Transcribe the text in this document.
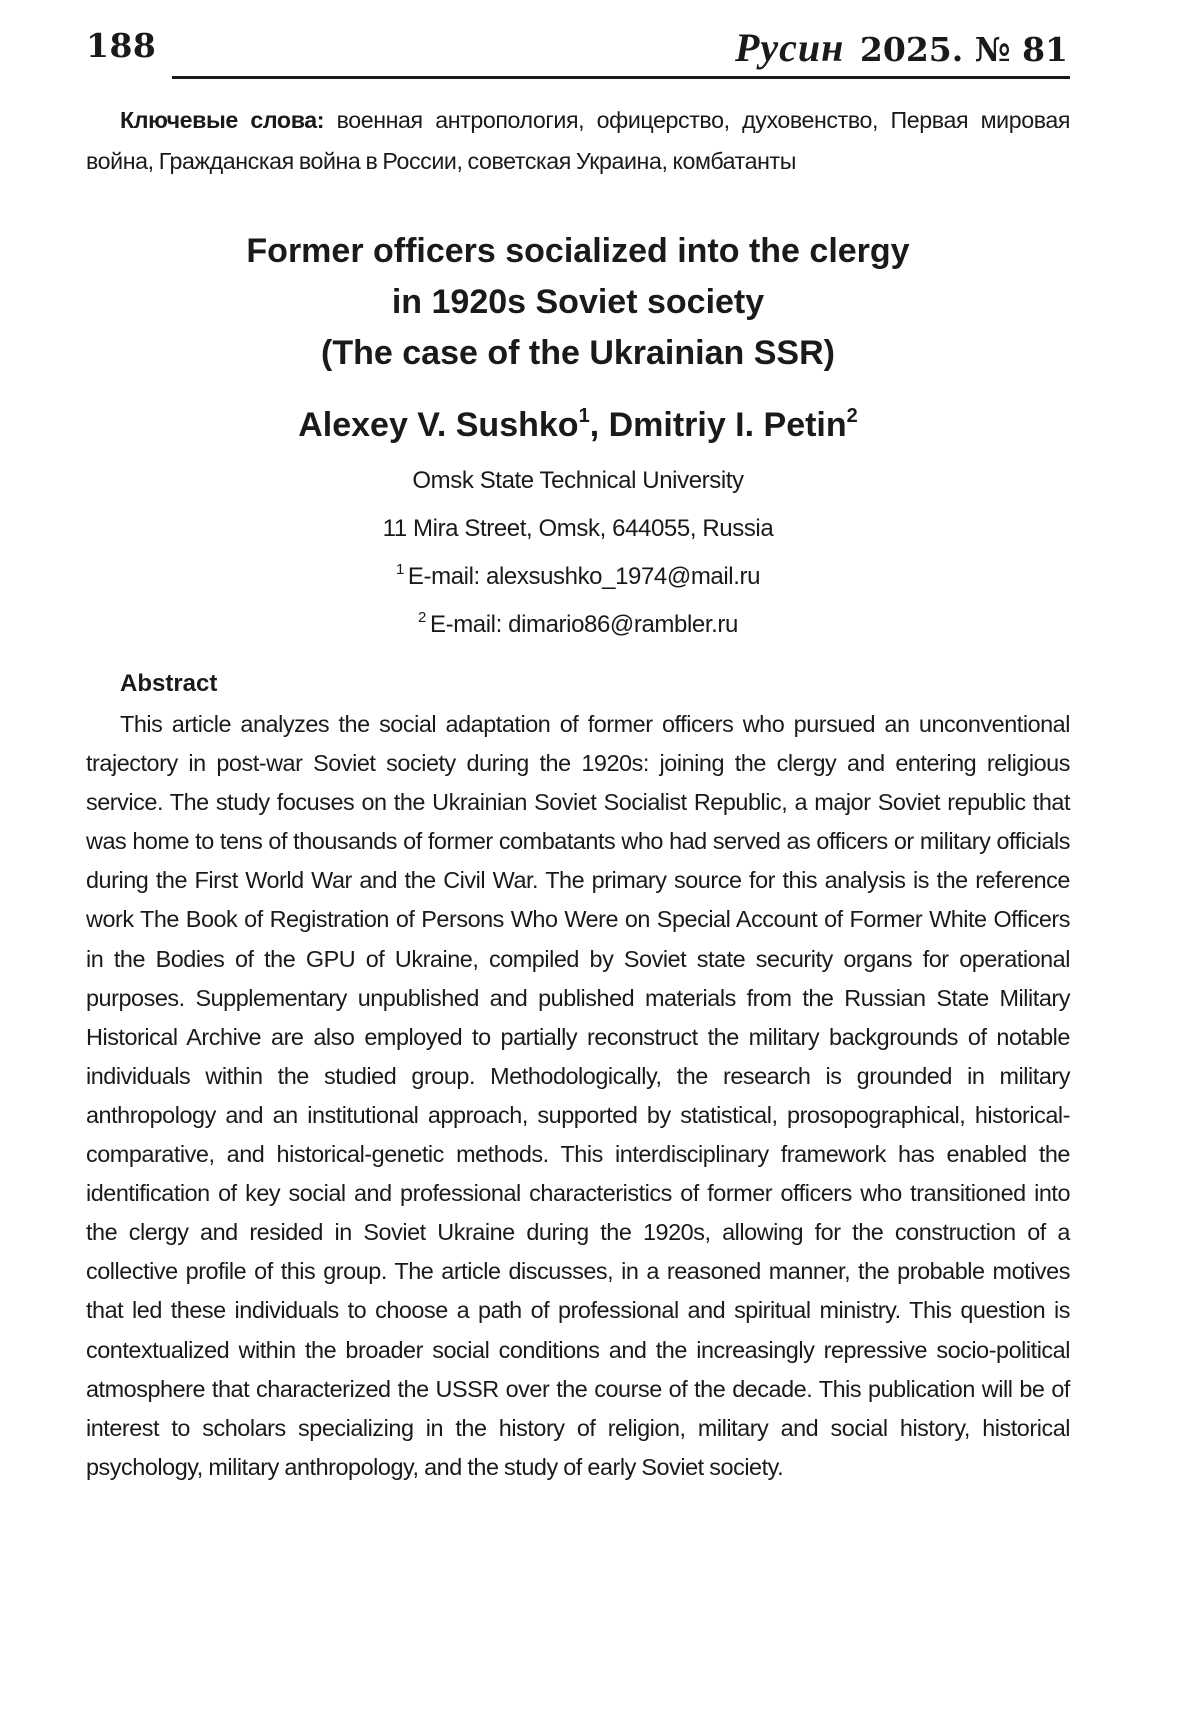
188	Русин 2025. № 81
Ключевые слова: военная антропология, офицерство, духовенство, Первая мировая война, Гражданская война в России, советская Украина, комбатанты
Former officers socialized into the clergy
in 1920s Soviet society
(The case of the Ukrainian SSR)
Alexey V. Sushko$^1$, Dmitriy I. Petin$^2$
Omsk State Technical University
11 Mira Street, Omsk, 644055, Russia
$^1$ E-mail: alexsushko_1974@mail.ru
$^2$ E-mail: dimario86@rambler.ru
Abstract

This article analyzes the social adaptation of former officers who pursued an unconventional trajectory in post-war Soviet society during the 1920s: joining the clergy and entering religious service. The study focuses on the Ukrainian Soviet Socialist Republic, a major Soviet republic that was home to tens of thousands of former combatants who had served as officers or military officials during the First World War and the Civil War. The primary source for this analysis is the reference work The Book of Registration of Persons Who Were on Special Account of Former White Officers in the Bodies of the GPU of Ukraine, compiled by Soviet state security organs for operational purposes. Supplementary unpublished and published materials from the Russian State Military Historical Archive are also employed to partially reconstruct the military backgrounds of notable individuals within the studied group. Methodologically, the research is grounded in military anthropology and an institutional approach, supported by statistical, prosopographical, historical-comparative, and historical-genetic methods. This interdisciplinary framework has enabled the identification of key social and professional characteristics of former officers who transitioned into the clergy and resided in Soviet Ukraine during the 1920s, allowing for the construction of a collective profile of this group. The article discusses, in a reasoned manner, the probable motives that led these individuals to choose a path of professional and spiritual ministry. This question is contextualized within the broader social conditions and the increasingly repressive socio-political atmosphere that characterized the USSR over the course of the decade. This publication will be of interest to scholars specializing in the history of religion, military and social history, historical psychology, military anthropology, and the study of early Soviet society.
